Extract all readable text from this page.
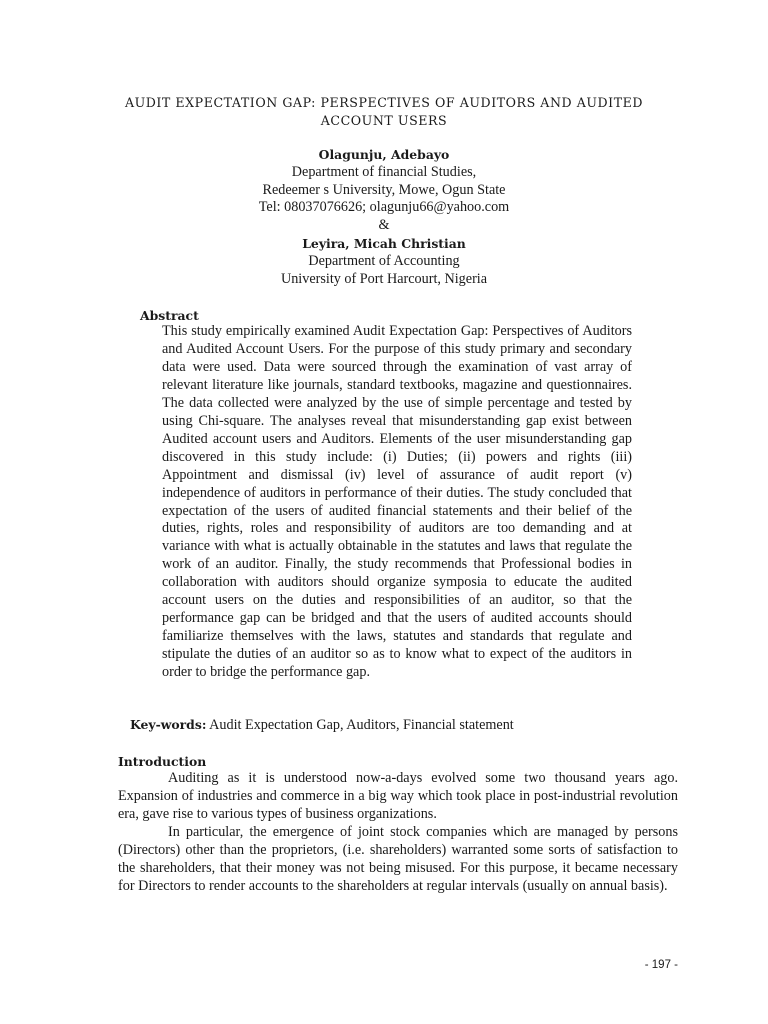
AUDIT EXPECTATION GAP: PERSPECTIVES OF AUDITORS AND AUDITED ACCOUNT USERS
Olagunju, Adebayo
Department of financial Studies,
Redeemer s University, Mowe, Ogun State
Tel: 08037076626; olagunju66@yahoo.com
&
Leyira, Micah Christian
Department of Accounting
University of Port Harcourt, Nigeria
Abstract

This study empirically examined Audit Expectation Gap: Perspectives of Auditors and Audited Account Users. For the purpose of this study primary and secondary data were used. Data were sourced through the examination of vast array of relevant literature like journals, standard textbooks, magazine and questionnaires. The data collected were analyzed by the use of simple percentage and tested by using Chi-square. The analyses reveal that misunderstanding gap exist between Audited account users and Auditors. Elements of the user misunderstanding gap discovered in this study include: (i) Duties; (ii) powers and rights (iii) Appointment and dismissal (iv) level of assurance of audit report (v) independence of auditors in performance of their duties. The study concluded that expectation of the users of audited financial statements and their belief of the duties, rights, roles and responsibility of auditors are too demanding and at variance with what is actually obtainable in the statutes and laws that regulate the work of an auditor. Finally, the study recommends that Professional bodies in collaboration with auditors should organize symposia to educate the audited account users on the duties and responsibilities of an auditor, so that the performance gap can be bridged and that the users of audited accounts should familiarize themselves with the laws, statutes and standards that regulate and stipulate the duties of an auditor so as to know what to expect of the auditors in order to bridge the performance gap.

Key-words: Audit Expectation Gap, Auditors, Financial statement
Introduction

Auditing as it is understood now-a-days evolved some two thousand years ago. Expansion of industries and commerce in a big way which took place in post-industrial revolution era, gave rise to various types of business organizations.

In particular, the emergence of joint stock companies which are managed by persons (Directors) other than the proprietors, (i.e. shareholders) warranted some sorts of satisfaction to the shareholders, that their money was not being misused. For this purpose, it became necessary for Directors to render accounts to the shareholders at regular intervals (usually on annual basis).

- 197 -
